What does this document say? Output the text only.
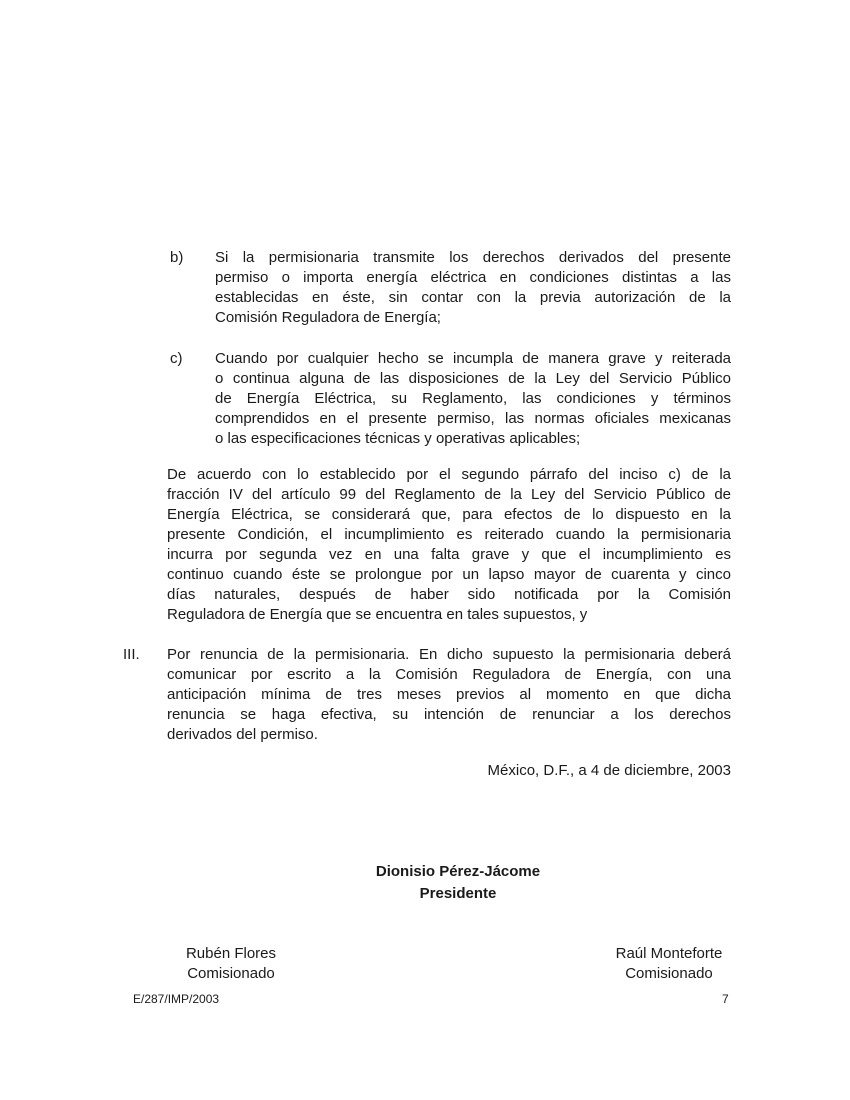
b) Si la permisionaria transmite los derechos derivados del presente
permiso o importa energía eléctrica en condiciones distintas a las
establecidas en éste, sin contar con la previa autorización de la
Comisión Reguladora de Energía;
c) Cuando por cualquier hecho se incumpla de manera grave y reiterada
o continua alguna de las disposiciones de la Ley del Servicio Público
de Energía Eléctrica, su Reglamento, las condiciones y términos
comprendidos en el presente permiso, las normas oficiales mexicanas
o las especificaciones técnicas y operativas aplicables;
De acuerdo con lo establecido por el segundo párrafo del inciso c) de la
fracción IV del artículo 99 del Reglamento de la Ley del Servicio Público de
Energía Eléctrica, se considerará que, para efectos de lo dispuesto en la
presente Condición, el incumplimiento es reiterado cuando la permisionaria
incurra por segunda vez en una falta grave y que el incumplimiento es
continuo cuando éste se prolongue por un lapso mayor de cuarenta y cinco
días naturales, después de haber sido notificada por la Comisión
Reguladora de Energía que se encuentra en tales supuestos, y
III. Por renuncia de la permisionaria. En dicho supuesto la permisionaria deberá
comunicar por escrito a la Comisión Reguladora de Energía, con una
anticipación mínima de tres meses previos al momento en que dicha
renuncia se haga efectiva, su intención de renunciar a los derechos
derivados del permiso.
México, D.F., a 4 de diciembre, 2003
Dionisio Pérez-Jácome
Presidente
Rubén Flores
Comisionado
Raúl Monteforte
Comisionado
E/287/IMP/2003	7
